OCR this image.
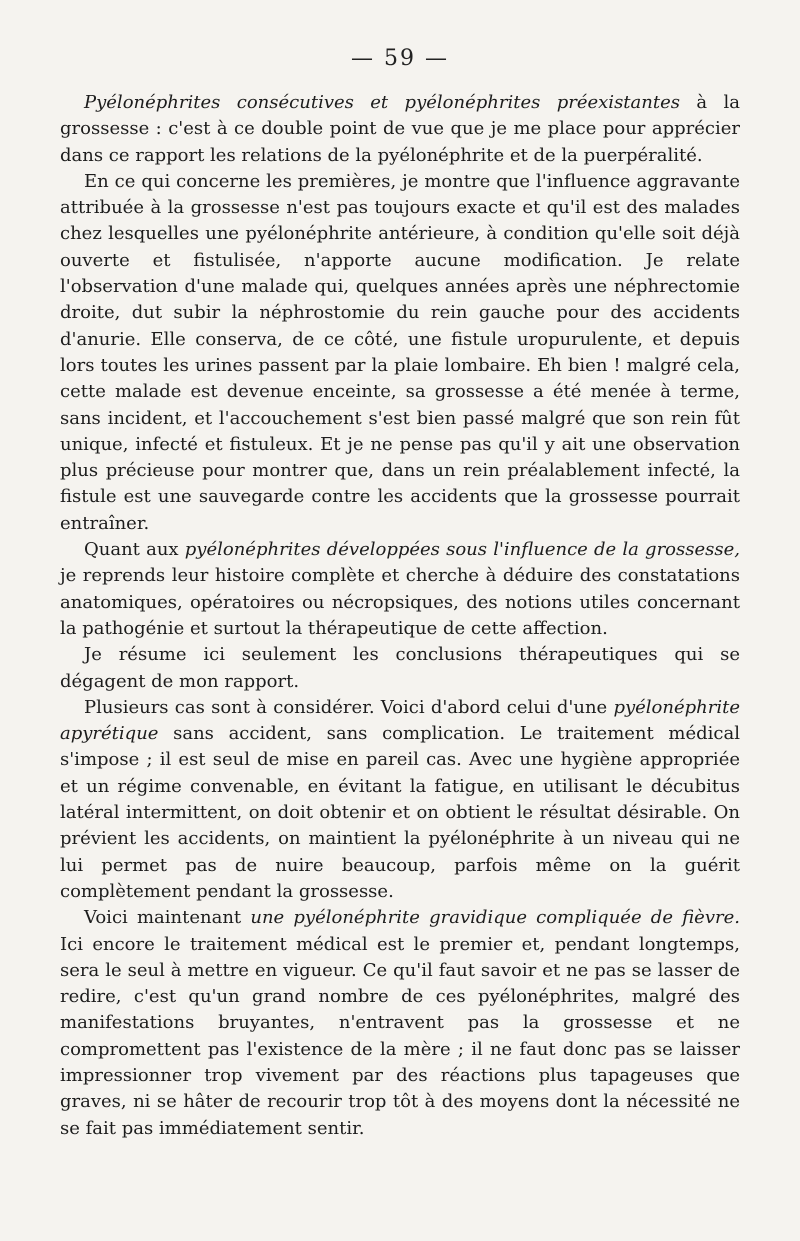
— 59 —

Pyélonéphrites consécutives et pyélonéphrites préexistantes à la grossesse : c'est à ce double point de vue que je me place pour apprécier dans ce rapport les relations de la pyélonéphrite et de la puerpéralité.

En ce qui concerne les premières, je montre que l'influence aggravante attribuée à la grossesse n'est pas toujours exacte et qu'il est des malades chez lesquelles une pyélonéphrite antérieure, à condition qu'elle soit déjà ouverte et fistulisée, n'apporte aucune modification. Je relate l'observation d'une malade qui, quelques années après une néphrectomie droite, dut subir la néphrostomie du rein gauche pour des accidents d'anurie. Elle conserva, de ce côté, une fistule uropurulente, et depuis lors toutes les urines passent par la plaie lombaire. Eh bien ! malgré cela, cette malade est devenue enceinte, sa grossesse a été menée à terme, sans incident, et l'accouchement s'est bien passé malgré que son rein fût unique, infecté et fistuleux. Et je ne pense pas qu'il y ait une observation plus précieuse pour montrer que, dans un rein préalablement infecté, la fistule est une sauvegarde contre les accidents que la grossesse pourrait entraîner.

Quant aux pyélonéphrites développées sous l'influence de la grossesse, je reprends leur histoire complète et cherche à déduire des constatations anatomiques, opératoires ou nécropsiques, des notions utiles concernant la pathogénie et surtout la thérapeutique de cette affection.

Je résume ici seulement les conclusions thérapeutiques qui se dégagent de mon rapport.

Plusieurs cas sont à considérer. Voici d'abord celui d'une pyélonéphrite apyrétique sans accident, sans complication. Le traitement médical s'impose ; il est seul de mise en pareil cas. Avec une hygiène appropriée et un régime convenable, en évitant la fatigue, en utilisant le décubitus latéral intermittent, on doit obtenir et on obtient le résultat désirable. On prévient les accidents, on maintient la pyélonéphrite à un niveau qui ne lui permet pas de nuire beaucoup, parfois même on la guérit complètement pendant la grossesse.

Voici maintenant une pyélonéphrite gravidique compliquée de fièvre. Ici encore le traitement médical est le premier et, pendant longtemps, sera le seul à mettre en vigueur. Ce qu'il faut savoir et ne pas se lasser de redire, c'est qu'un grand nombre de ces pyélonéphrites, malgré des manifestations bruyantes, n'entravent pas la grossesse et ne compromettent pas l'existence de la mère ; il ne faut donc pas se laisser impressionner trop vivement par des réactions plus tapageuses que graves, ni se hâter de recourir trop tôt à des moyens dont la nécessité ne se fait pas immédiatement sentir.
